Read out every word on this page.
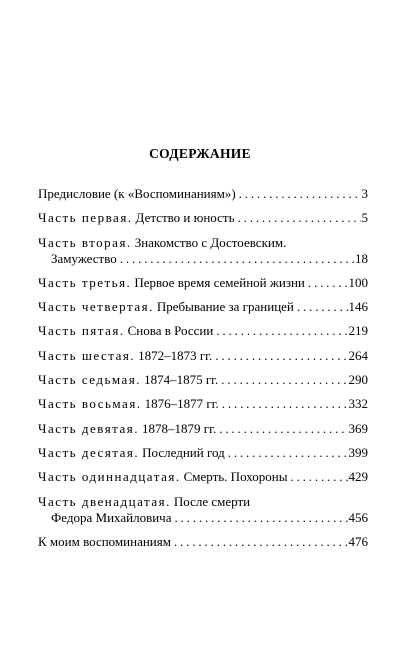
СОДЕРЖАНИЕ
Предисловие (к «Воспоминаниям») . . .	3
Часть первая. Детство и юность . . .	5
Часть вторая. Знакомство с Достоевским.
Замужество . . .	18
Часть третья. Первое время семейной жизни . . .	100
Часть четвертая. Пребывание за границей . . .	146
Часть пятая. Снова в России . . .	219
Часть шестая. 1872–1873 гг. . . .	264
Часть седьмая. 1874–1875 гг. . . .	290
Часть восьмая. 1876–1877 гг. . . .	332
Часть девятая. 1878–1879 гг. . . .	369
Часть десятая. Последний год . . .	399
Часть одиннадцатая. Смерть. Похороны . . .	429
Часть двенадцатая. После смерти
Федора Михайловича . . .	456
К моим воспоминаниям . . .	476
